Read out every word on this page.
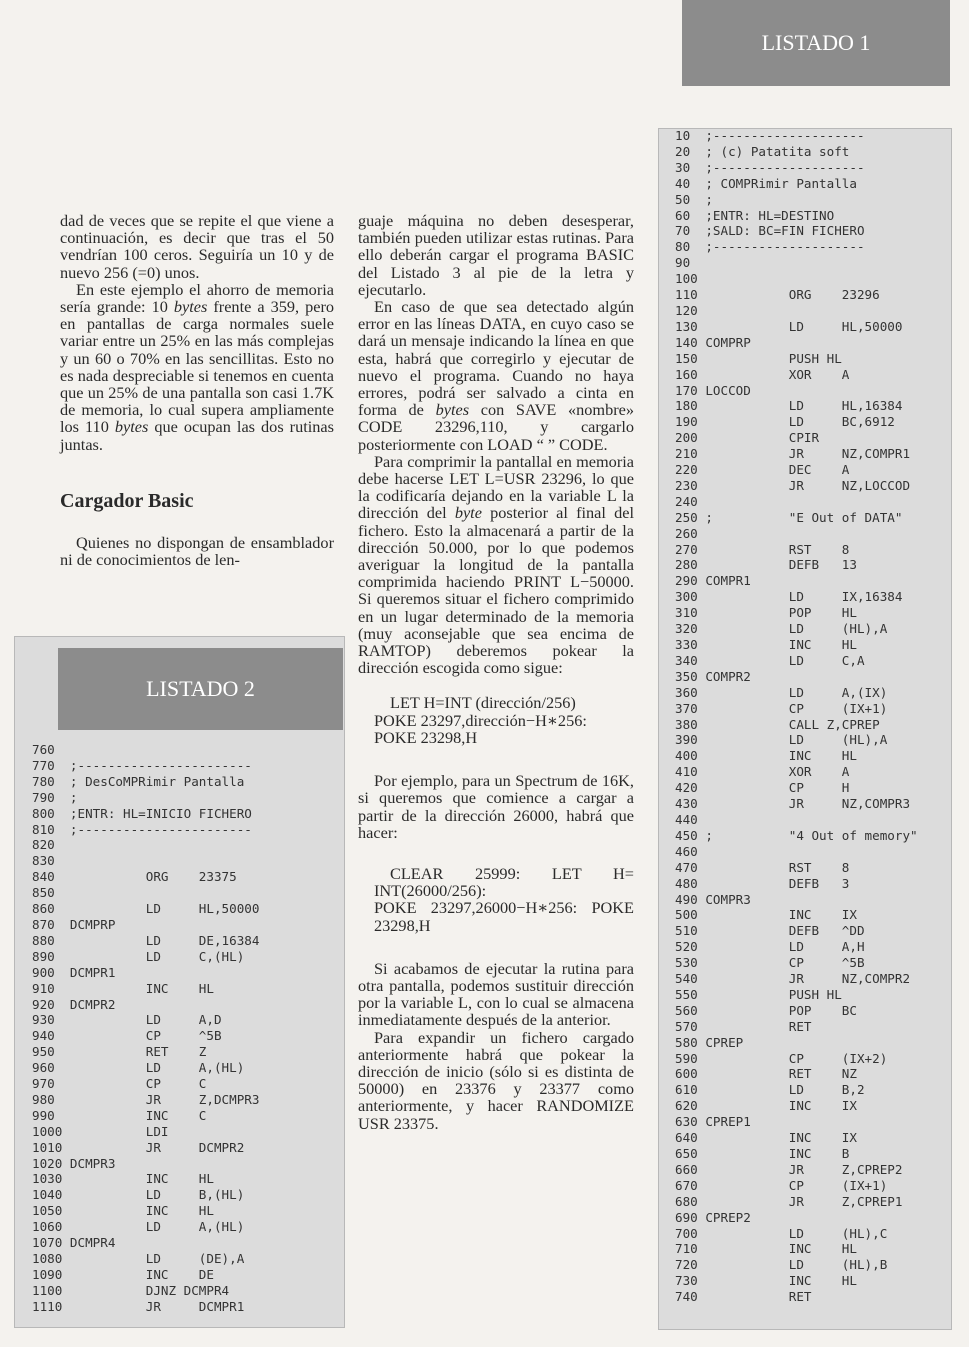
LISTADO 1
10  ;--------------------
20  ; (c) Patatita soft
30  ;--------------------
40  ; COMPRimir Pantalla
50  ;
60  ;ENTR: HL=DESTINO
70  ;SALD: BC=FIN FICHERO
80  ;--------------------
90
100
110            ORG    23296
120
130            LD     HL,50000
140 COMPRP
150            PUSH HL
160            XOR    A
170 LOCCOD
180            LD     HL,16384
190            LD     BC,6912
200            CPIR
210            JR     NZ,COMPR1
220            DEC    A
230            JR     NZ,LOCCOD
240
250 ;          "E Out of DATA"
260
270            RST    8
280            DEFB   13
290 COMPR1
300            LD     IX,16384
310            POP    HL
320            LD     (HL),A
330            INC    HL
340            LD     C,A
350 COMPR2
360            LD     A,(IX)
370            CP     (IX+1)
380            CALL Z,CPREP
390            LD     (HL),A
400            INC    HL
410            XOR    A
420            CP     H
430            JR     NZ,COMPR3
440
450 ;          "4 Out of memory"
460
470            RST    8
480            DEFB   3
490 COMPR3
500            INC    IX
510            DEFB   ^DD
520            LD     A,H
530            CP     ^5B
540            JR     NZ,COMPR2
550            PUSH HL
560            POP    BC
570            RET
580 CPREP
590            CP     (IX+2)
600            RET    NZ
610            LD     B,2
620            INC    IX
630 CPREP1
640            INC    IX
650            INC    B
660            JR     Z,CPREP2
670            CP     (IX+1)
680            JR     Z,CPREP1
690 CPREP2
700            LD     (HL),C
710            INC    HL
720            LD     (HL),B
730            INC    HL
740            RET
LISTADO 2
760
770  ;-----------------------
780  ; DesCoMPRimir Pantalla
790  ;
800  ;ENTR: HL=INICIO FICHERO
810  ;-----------------------
820
830
840            ORG    23375
850
860            LD     HL,50000
870  DCMPRP
880            LD     DE,16384
890            LD     C,(HL)
900  DCMPR1
910            INC    HL
920  DCMPR2
930            LD     A,D
940            CP     ^5B
950            RET    Z
960            LD     A,(HL)
970            CP     C
980            JR     Z,DCMPR3
990            INC    C
1000           LDI
1010           JR     DCMPR2
1020 DCMPR3
1030           INC    HL
1040           LD     B,(HL)
1050           INC    HL
1060           LD     A,(HL)
1070 DCMPR4
1080           LD     (DE),A
1090           INC    DE
1100           DJNZ DCMPR4
1110           JR     DCMPR1

dad de veces que se repite el que viene a continuación, es decir que tras el 50 vendrían 100 ceros. Seguiría un 10 y de nuevo 256 (=0) unos.

En este ejemplo el ahorro de memoria sería grande: 10 bytes frente a 359, pero en pantallas de carga normales suele variar entre un 25% en las más complejas y un 60 o 70% en las sencillitas. Esto no es nada despreciable si tenemos en cuenta que un 25% de una pantalla son casi 1.7K de memoria, lo cual supera ampliamente los 110 bytes que ocupan las dos rutinas juntas.

Cargador Basic

Quienes no dispongan de ensamblador ni de conocimientos de len-

guaje máquina no deben desesperar, también pueden utilizar estas rutinas. Para ello deberán cargar el programa BASIC del Listado 3 al pie de la letra y ejecutarlo.

En caso de que sea detectado algún error en las líneas DATA, en cuyo caso se dará un mensaje indicando la línea en que esta, habrá que corregirlo y ejecutar de nuevo el programa. Cuando no haya errores, podrá ser salvado a cinta en forma de bytes con SAVE «nombre» CODE 23296,110, y cargarlo posteriormente con LOAD “ ” CODE.

Para comprimir la pantallal en memoria debe hacerse LET L=USR 23296, lo que la codificaría dejando en la variable L la dirección del byte posterior al final del fichero. Esto la almacenará a partir de la dirección 50.000, por lo que podemos averiguar la longitud de la pantalla comprimida haciendo PRINT L−50000. Si queremos situar el fichero comprimido en un lugar determinado de la memoria (muy aconsejable que sea encima de RAMTOP) deberemos pokear la dirección escogida como sigue:

LET H=INT (dirección/256)
POKE 23297,dirección−H∗256:
POKE 23298,H

Por ejemplo, para un Spectrum de 16K, si queremos que comience a cargar a partir de la dirección 26000, habrá que hacer:

CLEAR 25999: LET H= INT(26000/256):
POKE 23297,26000−H∗256: POKE 23298,H

Si acabamos de ejecutar la rutina para otra pantalla, podemos sustituir dirección por la variable L, con lo cual se almacena inmediatamente después de la anterior.

Para expandir un fichero cargado anteriormente habrá que pokear la dirección de inicio (sólo si es distinta de 50000) en 23376 y 23377 como anteriormente, y hacer RANDOMIZE USR 23375.
